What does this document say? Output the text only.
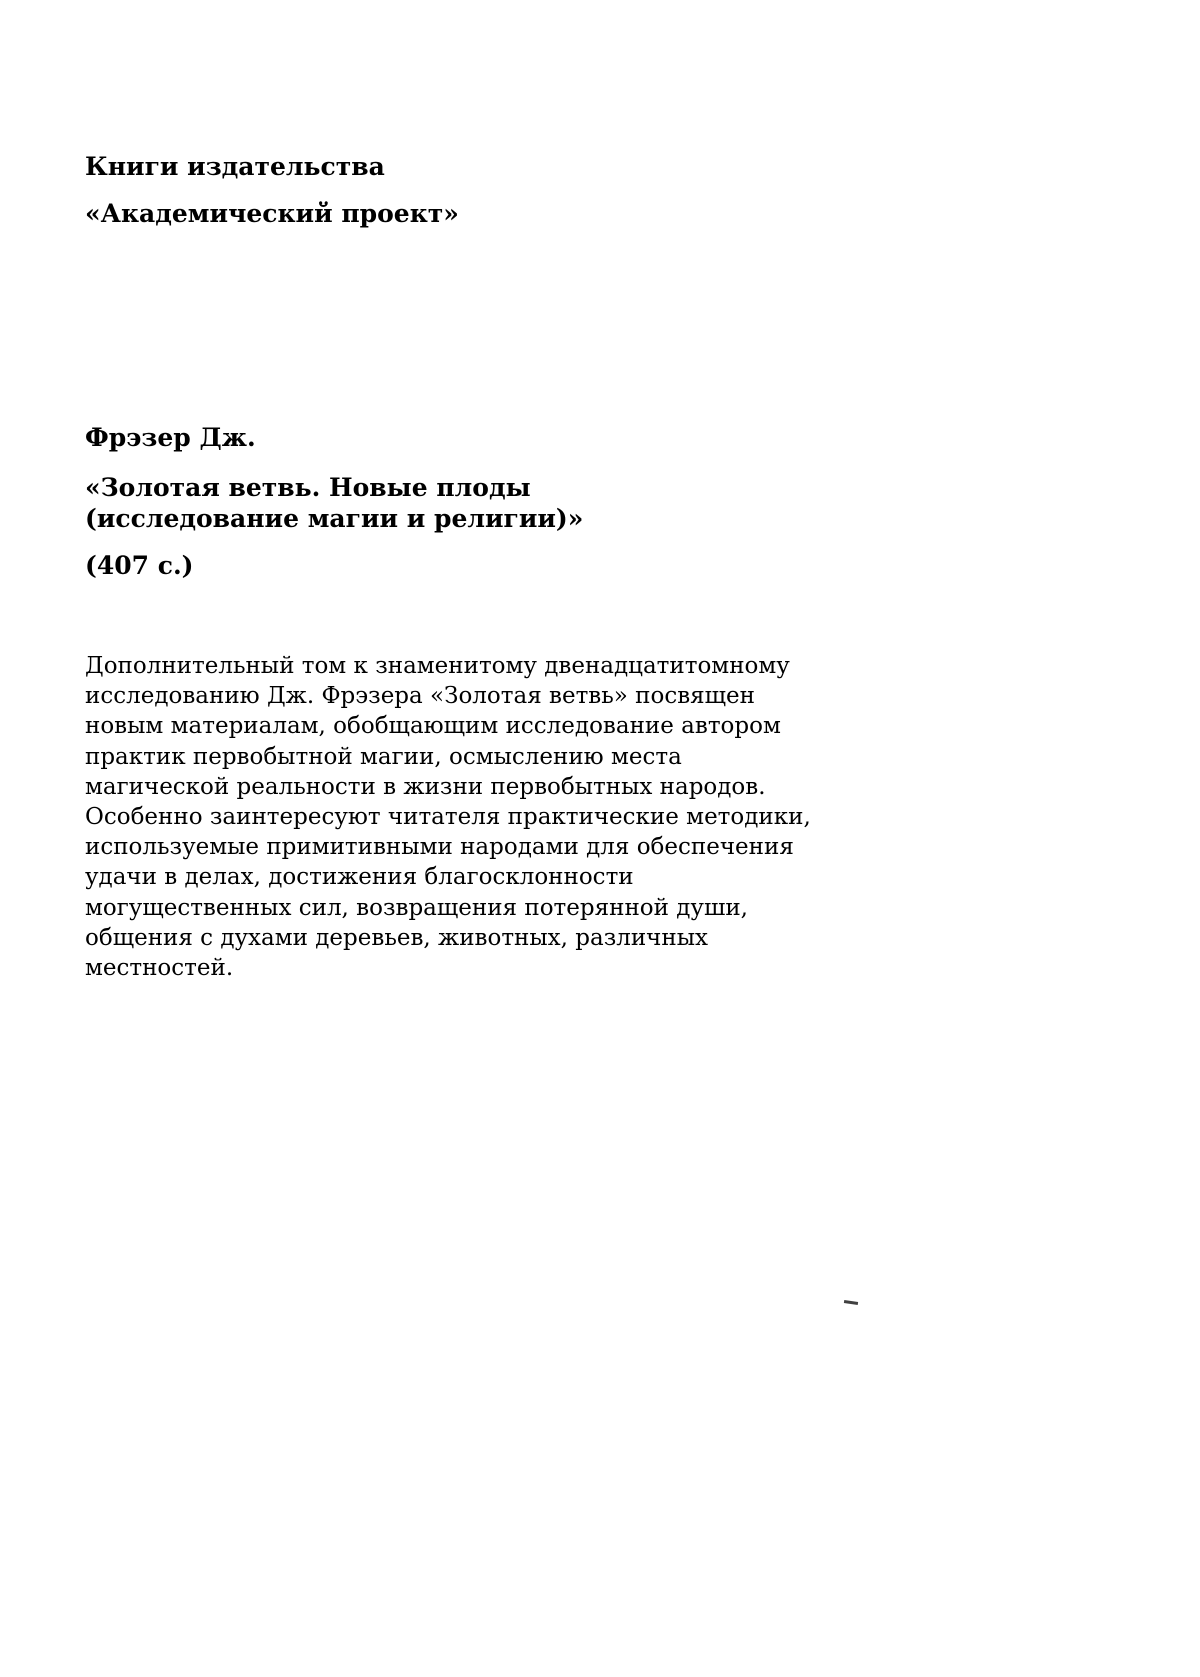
Книги издательства

«Академический проект»

Фрэзер Дж.

«Золотая ветвь. Новые плоды
(исследование магии и религии)»

(407 с.)

Дополнительный том к знаменитому двенадцатитомному

исследованию Дж. Фрэзера «Золотая ветвь» посвящен

новым материалам, обобщающим исследование автором

практик первобытной магии, осмыслению места

магической реальности в жизни первобытных народов.

Особенно заинтересуют читателя практические методики,

используемые примитивными народами для обеспечения

удачи в делах, достижения благосклонности

могущественных сил, возвращения потерянной души,

общения с духами деревьев, животных, различных

местностей.
